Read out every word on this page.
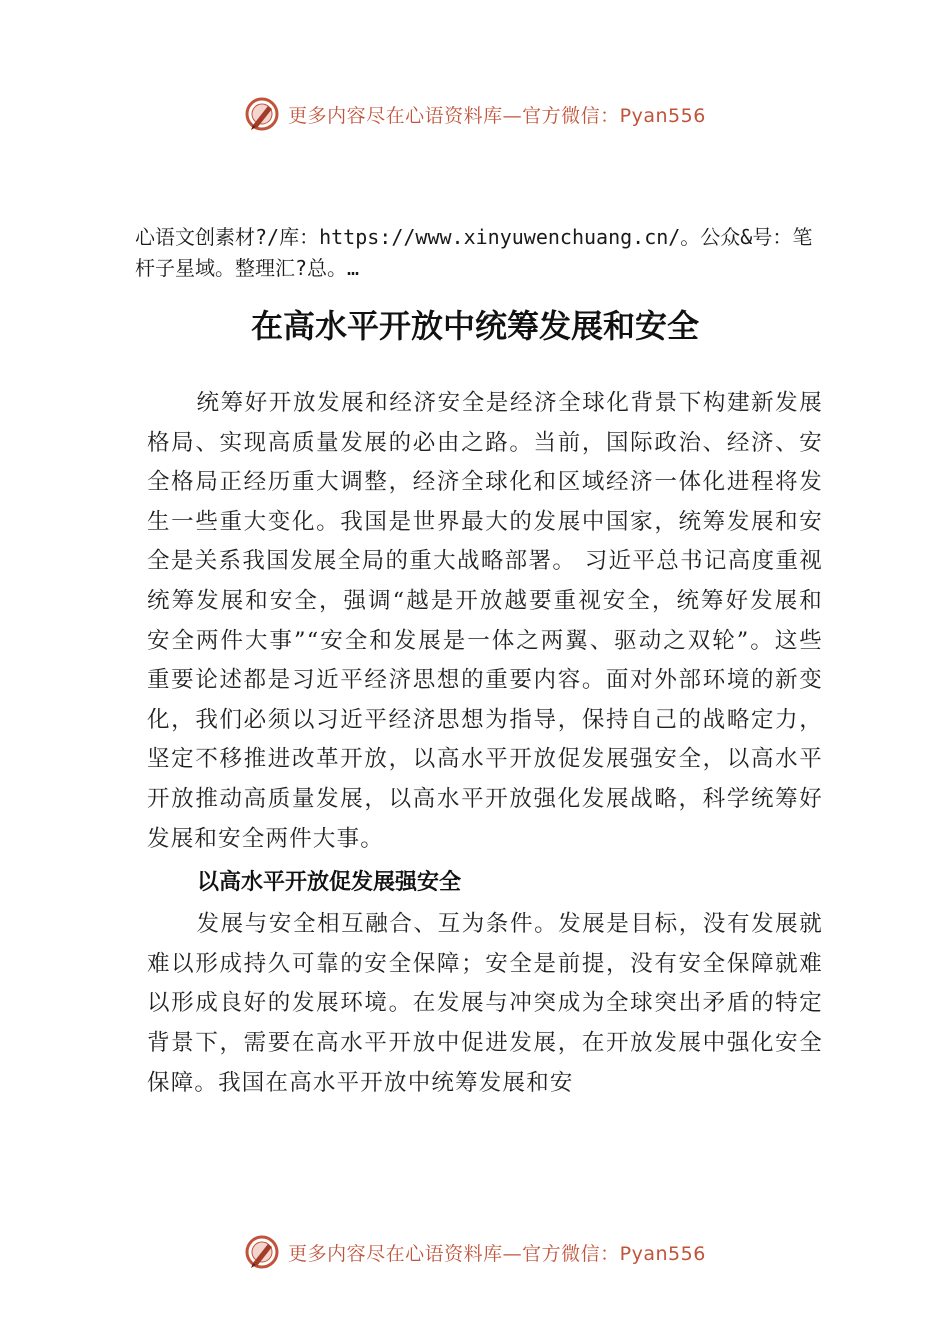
更多内容尽在心语资料库—官方微信：Pyan556

心语文创素材?/库：https://www.xinyuwenchuang.cn/。公众&号：笔杆子星域。整理汇?总。…

在高水平开放中统筹发展和安全

统筹好开放发展和经济安全是经济全球化背景下构建新发展格局、实现高质量发展的必由之路。当前，国际政治、经济、安全格局正经历重大调整，经济全球化和区域经济一体化进程将发生一些重大变化。我国是世界最大的发展中国家，统筹发展和安全是关系我国发展全局的重大战略部署。 习近平总书记高度重视统筹发展和安全，强调“越是开放越要重视安全，统筹好发展和安全两件大事”“安全和发展是一体之两翼、驱动之双轮”。这些重要论述都是习近平经济思想的重要内容。面对外部环境的新变化，我们必须以习近平经济思想为指导，保持自己的战略定力，坚定不移推进改革开放，以高水平开放促发展强安全，以高水平开放推动高质量发展，以高水平开放强化发展战略，科学统筹好发展和安全两件大事。

以高水平开放促发展强安全

发展与安全相互融合、互为条件。发展是目标，没有发展就难以形成持久可靠的安全保障；安全是前提，没有安全保障就难以形成良好的发展环境。在发展与冲突成为全球突出矛盾的特定背景下，需要在高水平开放中促进发展，在开放发展中强化安全保障。我国在高水平开放中统筹发展和安

更多内容尽在心语资料库—官方微信：Pyan556
